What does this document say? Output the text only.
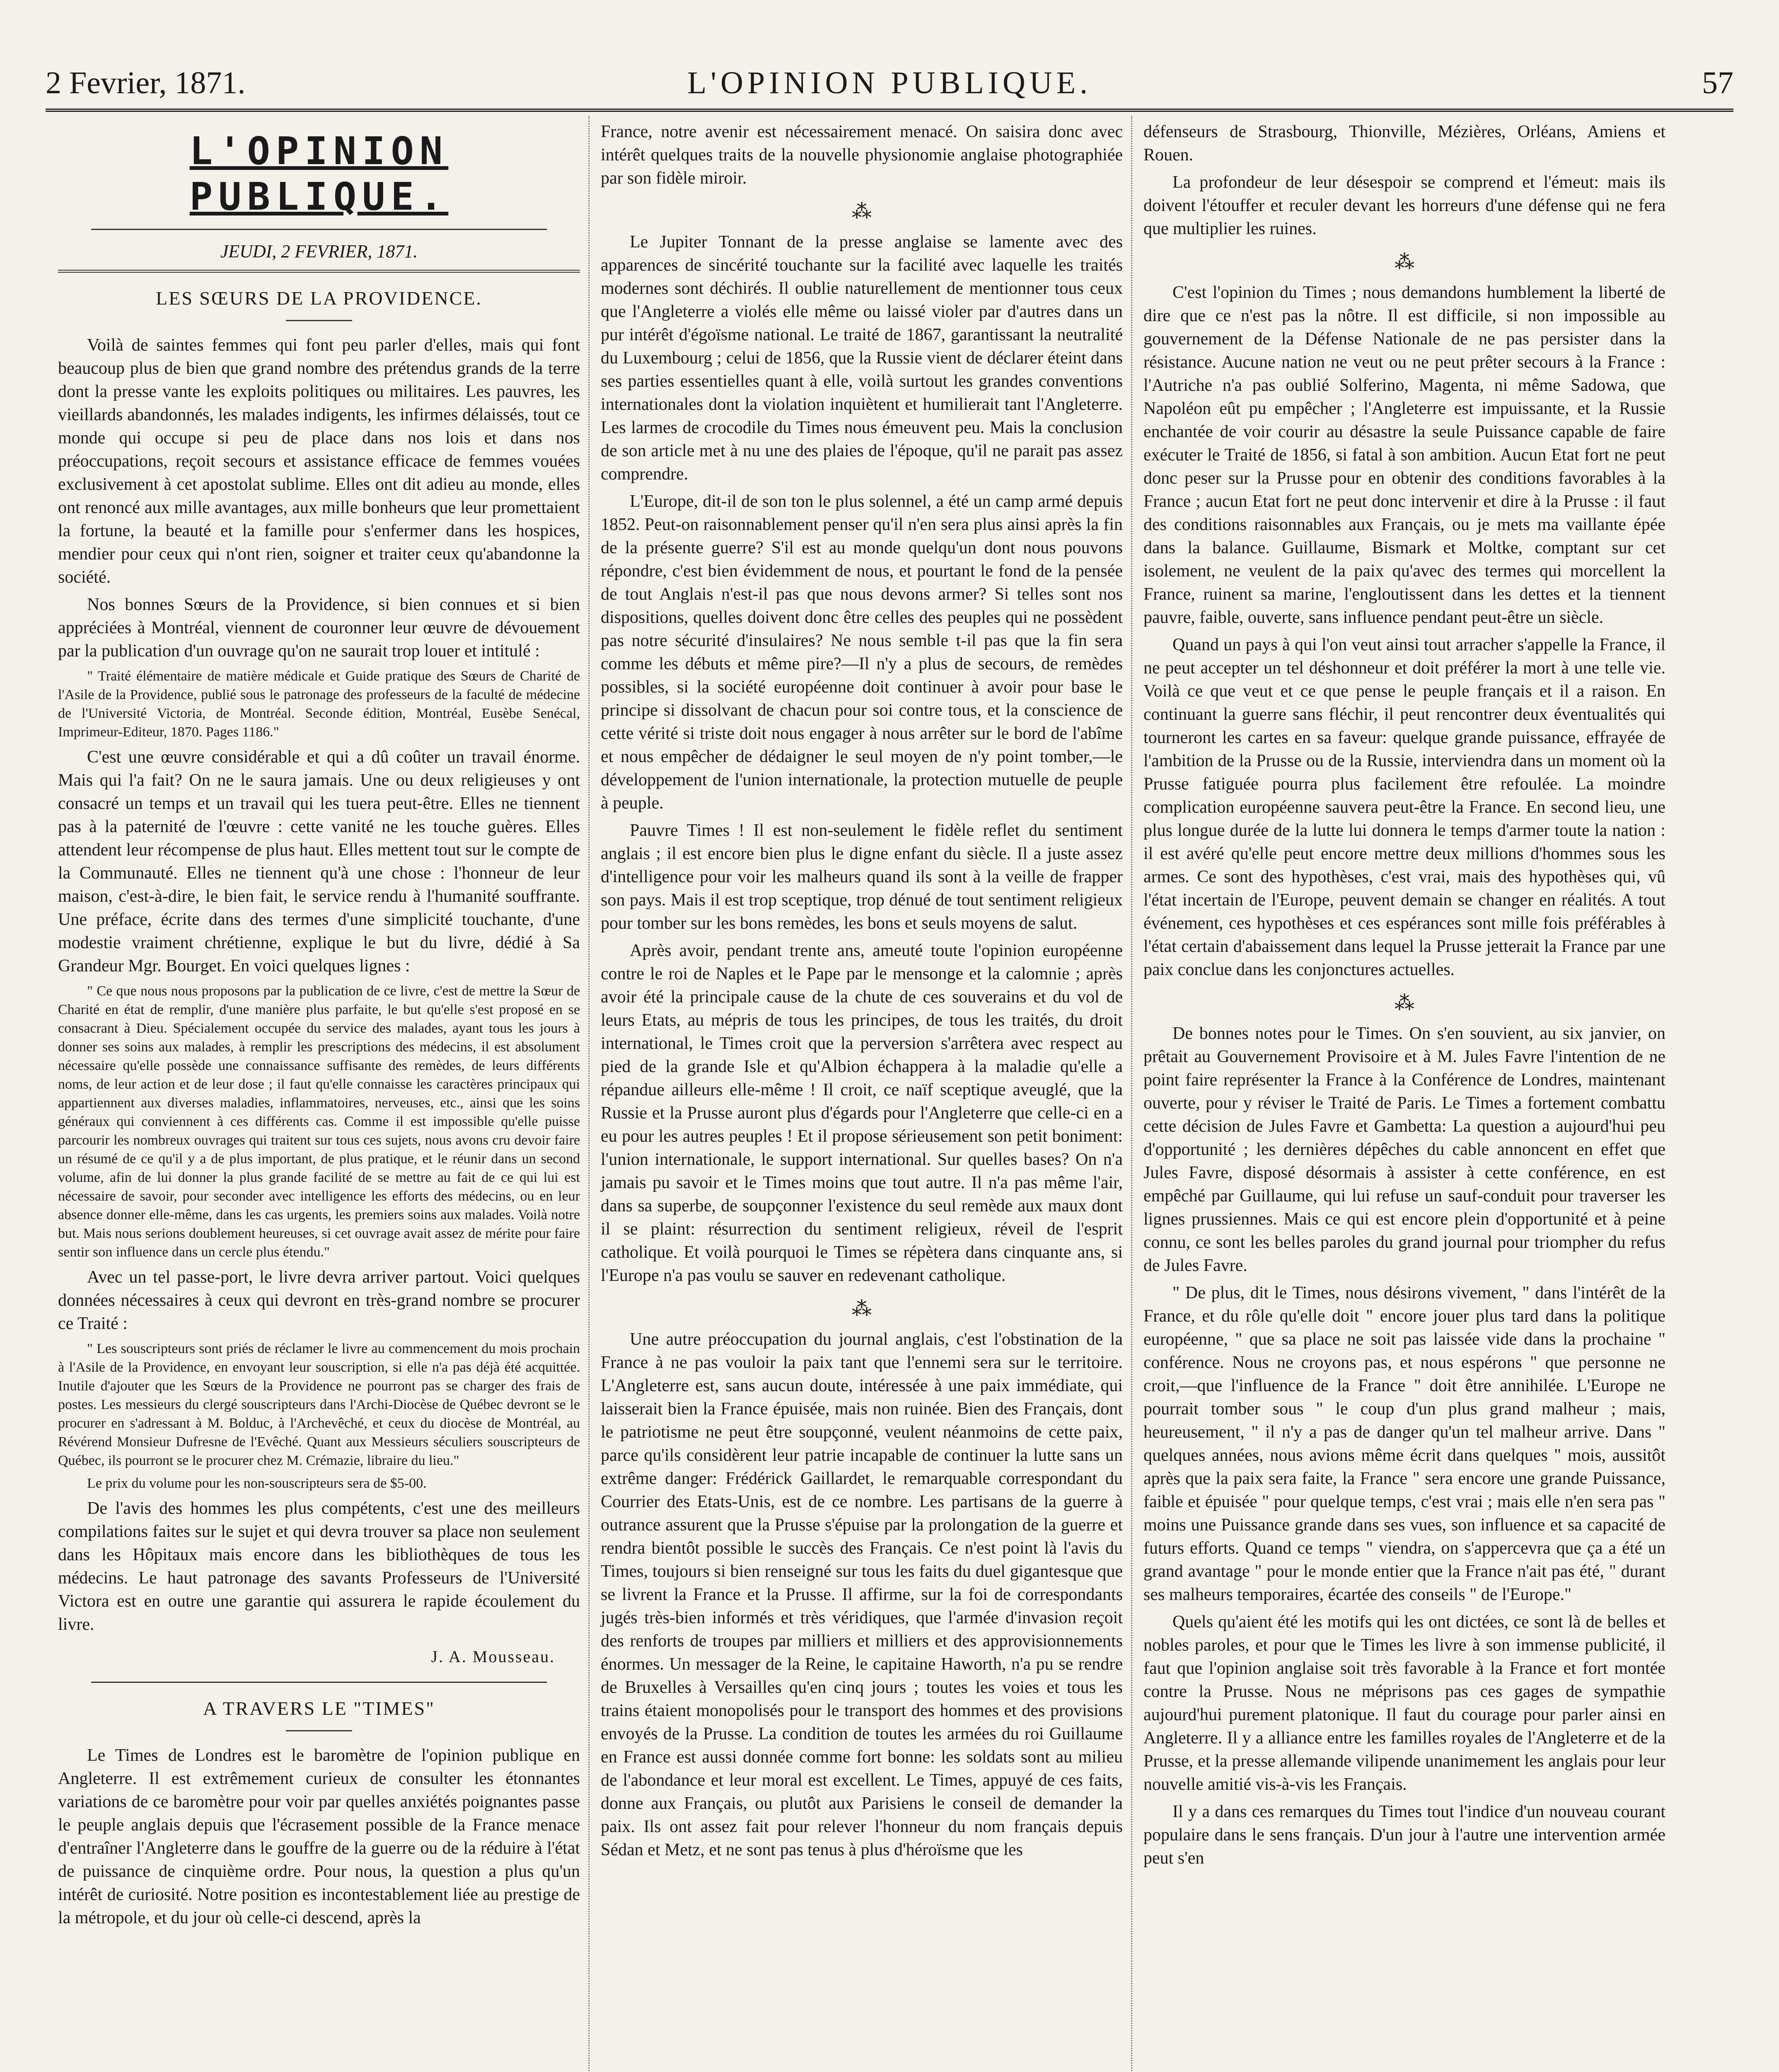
L'OPINION PUBLIQUE.
2 Fevrier, 1871.	57
L'OPINION PUBLIQUE.
JEUDI, 2 FEVRIER, 1871.
LES SŒURS DE LA PROVIDENCE.

Voilà de saintes femmes qui font peu parler d'elles, mais qui font beaucoup plus de bien que grand nombre des prétendus grands de la terre dont la presse vante les exploits politiques ou militaires. Les pauvres, les vieillards abandonnés, les malades indigents, les infirmes délaissés, tout ce monde qui occupe si peu de place dans nos lois et dans nos préoccupations, reçoit secours et assistance efficace de femmes vouées exclusivement à cet apostolat sublime. Elles ont dit adieu au monde, elles ont renoncé aux mille avantages, aux mille bonheurs que leur promettaient la fortune, la beauté et la famille pour s'enfermer dans les hospices, mendier pour ceux qui n'ont rien, soigner et traiter ceux qu'abandonne la société.

Nos bonnes Sœurs de la Providence, si bien connues et si bien appréciées à Montréal, viennent de couronner leur œuvre de dévouement par la publication d'un ouvrage qu'on ne saurait trop louer et intitulé :

" Traité élémentaire de matière médicale et Guide pratique des Sœurs de Charité de l'Asile de la Providence, publié sous le patronage des professeurs de la faculté de médecine de l'Université Victoria, de Montréal. Seconde édition, Montréal, Eusèbe Senécal, Imprimeur-Editeur, 1870. Pages 1186."

C'est une œuvre considérable et qui a dû coûter un travail énorme. Mais qui l'a fait? On ne le saura jamais. Une ou deux religieuses y ont consacré un temps et un travail qui les tuera peut-être. Elles ne tiennent pas à la paternité de l'œuvre : cette vanité ne les touche guères. Elles attendent leur récompense de plus haut. Elles mettent tout sur le compte de la Communauté. Elles ne tiennent qu'à une chose : l'honneur de leur maison, c'est-à-dire, le bien fait, le service rendu à l'humanité souffrante. Une préface, écrite dans des termes d'une simplicité touchante, d'une modestie vraiment chrétienne, explique le but du livre, dédié à Sa Grandeur Mgr. Bourget. En voici quelques lignes :

" Ce que nous nous proposons par la publication de ce livre, c'est de mettre la Sœur de Charité en état de remplir, d'une manière plus parfaite, le but qu'elle s'est proposé en se consacrant à Dieu. Spécialement occupée du service des malades, ayant tous les jours à donner ses soins aux malades, à remplir les prescriptions des médecins, il est absolument nécessaire qu'elle possède une connaissance suffisante des remèdes, de leurs différents noms, de leur action et de leur dose ; il faut qu'elle connaisse les caractères principaux qui appartiennent aux diverses maladies, inflammatoires, nerveuses, etc., ainsi que les soins généraux qui conviennent à ces différents cas. Comme il est impossible qu'elle puisse parcourir les nombreux ouvrages qui traitent sur tous ces sujets, nous avons cru devoir faire un résumé de ce qu'il y a de plus important, de plus pratique, et le réunir dans un second volume, afin de lui donner la plus grande facilité de se mettre au fait de ce qui lui est nécessaire de savoir, pour seconder avec intelligence les efforts des médecins, ou en leur absence donner elle-même, dans les cas urgents, les premiers soins aux malades. Voilà notre but. Mais nous serions doublement heureuses, si cet ouvrage avait assez de mérite pour faire sentir son influence dans un cercle plus étendu."

Avec un tel passe-port, le livre devra arriver partout. Voici quelques données nécessaires à ceux qui devront en très-grand nombre se procurer ce Traité :

" Les souscripteurs sont priés de réclamer le livre au commencement du mois prochain à l'Asile de la Providence, en envoyant leur souscription, si elle n'a pas déjà été acquittée. Inutile d'ajouter que les Sœurs de la Providence ne pourront pas se charger des frais de postes. Les messieurs du clergé souscripteurs dans l'Archi-Diocèse de Québec devront se le procurer en s'adressant à M. Bolduc, à l'Archevêché, et ceux du diocèse de Montréal, au Révérend Monsieur Dufresne de l'Evêché. Quant aux Messieurs séculiers souscripteurs de Québec, ils pourront se le procurer chez M. Crémazie, libraire du lieu."

Le prix du volume pour les non-souscripteurs sera de $5-00.

De l'avis des hommes les plus compétents, c'est une des meilleurs compilations faites sur le sujet et qui devra trouver sa place non seulement dans les Hôpitaux mais encore dans les bibliothèques de tous les médecins. Le haut patronage des savants Professeurs de l'Université Victora est en outre une garantie qui assurera le rapide écoulement du livre.

J. A. Mousseau.
A TRAVERS LE "TIMES"

Le Times de Londres est le baromètre de l'opinion publique en Angleterre. Il est extrêmement curieux de consulter les étonnantes variations de ce baromètre pour voir par quelles anxiétés poignantes passe le peuple anglais depuis que l'écrasement possible de la France menace d'entraîner l'Angleterre dans le gouffre de la guerre ou de la réduire à l'état de puissance de cinquième ordre. Pour nous, la question a plus qu'un intérêt de curiosité. Notre position es incontestablement liée au prestige de la métropole, et du jour où celle-ci descend, après la

France, notre avenir est nécessairement menacé. On saisira donc avec intérêt quelques traits de la nouvelle physionomie anglaise photographiée par son fidèle miroir.

⁂

Le Jupiter Tonnant de la presse anglaise se lamente avec des apparences de sincérité touchante sur la facilité avec laquelle les traités modernes sont déchirés. Il oublie naturellement de mentionner tous ceux que l'Angleterre a violés elle même ou laissé violer par d'autres dans un pur intérêt d'égoïsme national. Le traité de 1867, garantissant la neutralité du Luxembourg ; celui de 1856, que la Russie vient de déclarer éteint dans ses parties essentielles quant à elle, voilà surtout les grandes conventions internationales dont la violation inquiètent et humilierait tant l'Angleterre. Les larmes de crocodile du Times nous émeuvent peu. Mais la conclusion de son article met à nu une des plaies de l'époque, qu'il ne parait pas assez comprendre.

L'Europe, dit-il de son ton le plus solennel, a été un camp armé depuis 1852. Peut-on raisonnablement penser qu'il n'en sera plus ainsi après la fin de la présente guerre? S'il est au monde quelqu'un dont nous pouvons répondre, c'est bien évidemment de nous, et pourtant le fond de la pensée de tout Anglais n'est-il pas que nous devons armer? Si telles sont nos dispositions, quelles doivent donc être celles des peuples qui ne possèdent pas notre sécurité d'insulaires? Ne nous semble t-il pas que la fin sera comme les débuts et même pire?—Il n'y a plus de secours, de remèdes possibles, si la société européenne doit continuer à avoir pour base le principe si dissolvant de chacun pour soi contre tous, et la conscience de cette vérité si triste doit nous engager à nous arrêter sur le bord de l'abîme et nous empêcher de dédaigner le seul moyen de n'y point tomber,—le développement de l'union internationale, la protection mutuelle de peuple à peuple.

Pauvre Times ! Il est non-seulement le fidèle reflet du sentiment anglais ; il est encore bien plus le digne enfant du siècle. Il a juste assez d'intelligence pour voir les malheurs quand ils sont à la veille de frapper son pays. Mais il est trop sceptique, trop dénué de tout sentiment religieux pour tomber sur les bons remèdes, les bons et seuls moyens de salut.

Après avoir, pendant trente ans, ameuté toute l'opinion européenne contre le roi de Naples et le Pape par le mensonge et la calomnie ; après avoir été la principale cause de la chute de ces souverains et du vol de leurs Etats, au mépris de tous les principes, de tous les traités, du droit international, le Times croit que la perversion s'arrêtera avec respect au pied de la grande Isle et qu'Albion échappera à la maladie qu'elle a répandue ailleurs elle-même ! Il croit, ce naïf sceptique aveuglé, que la Russie et la Prusse auront plus d'égards pour l'Angleterre que celle-ci en a eu pour les autres peuples ! Et il propose sérieusement son petit boniment: l'union internationale, le support international. Sur quelles bases? On n'a jamais pu savoir et le Times moins que tout autre. Il n'a pas même l'air, dans sa superbe, de soupçonner l'existence du seul remède aux maux dont il se plaint: résurrection du sentiment religieux, réveil de l'esprit catholique. Et voilà pourquoi le Times se répètera dans cinquante ans, si l'Europe n'a pas voulu se sauver en redevenant catholique.

⁂

Une autre préoccupation du journal anglais, c'est l'obstination de la France à ne pas vouloir la paix tant que l'ennemi sera sur le territoire. L'Angleterre est, sans aucun doute, intéressée à une paix immédiate, qui laisserait bien la France épuisée, mais non ruinée. Bien des Français, dont le patriotisme ne peut être soupçonné, veulent néanmoins de cette paix, parce qu'ils considèrent leur patrie incapable de continuer la lutte sans un extrême danger: Frédérick Gaillardet, le remarquable correspondant du Courrier des Etats-Unis, est de ce nombre. Les partisans de la guerre à outrance assurent que la Prusse s'épuise par la prolongation de la guerre et rendra bientôt possible le succès des Français. Ce n'est point là l'avis du Times, toujours si bien renseigné sur tous les faits du duel gigantesque que se livrent la France et la Prusse. Il affirme, sur la foi de correspondants jugés très-bien informés et très véridiques, que l'armée d'invasion reçoit des renforts de troupes par milliers et milliers et des approvisionnements énormes. Un messager de la Reine, le capitaine Haworth, n'a pu se rendre de Bruxelles à Versailles qu'en cinq jours ; toutes les voies et tous les trains étaient monopolisés pour le transport des hommes et des provisions envoyés de la Prusse. La condition de toutes les armées du roi Guillaume en France est aussi donnée comme fort bonne: les soldats sont au milieu de l'abondance et leur moral est excellent. Le Times, appuyé de ces faits, donne aux Français, ou plutôt aux Parisiens le conseil de demander la paix. Ils ont assez fait pour relever l'honneur du nom français depuis Sédan et Metz, et ne sont pas tenus à plus d'héroïsme que les

défenseurs de Strasbourg, Thionville, Mézières, Orléans, Amiens et Rouen.

La profondeur de leur désespoir se comprend et l'émeut: mais ils doivent l'étouffer et reculer devant les horreurs d'une défense qui ne fera que multiplier les ruines.

⁂

C'est l'opinion du Times ; nous demandons humblement la liberté de dire que ce n'est pas la nôtre. Il est difficile, si non impossible au gouvernement de la Défense Nationale de ne pas persister dans la résistance. Aucune nation ne veut ou ne peut prêter secours à la France : l'Autriche n'a pas oublié Solferino, Magenta, ni même Sadowa, que Napoléon eût pu empêcher ; l'Angleterre est impuissante, et la Russie enchantée de voir courir au désastre la seule Puissance capable de faire exécuter le Traité de 1856, si fatal à son ambition. Aucun Etat fort ne peut donc peser sur la Prusse pour en obtenir des conditions favorables à la France ; aucun Etat fort ne peut donc intervenir et dire à la Prusse : il faut des conditions raisonnables aux Français, ou je mets ma vaillante épée dans la balance. Guillaume, Bismark et Moltke, comptant sur cet isolement, ne veulent de la paix qu'avec des termes qui morcellent la France, ruinent sa marine, l'engloutissent dans les dettes et la tiennent pauvre, faible, ouverte, sans influence pendant peut-être un siècle.

Quand un pays à qui l'on veut ainsi tout arracher s'appelle la France, il ne peut accepter un tel déshonneur et doit préférer la mort à une telle vie. Voilà ce que veut et ce que pense le peuple français et il a raison. En continuant la guerre sans fléchir, il peut rencontrer deux éventualités qui tourneront les cartes en sa faveur: quelque grande puissance, effrayée de l'ambition de la Prusse ou de la Russie, interviendra dans un moment où la Prusse fatiguée pourra plus facilement être refoulée. La moindre complication européenne sauvera peut-être la France. En second lieu, une plus longue durée de la lutte lui donnera le temps d'armer toute la nation : il est avéré qu'elle peut encore mettre deux millions d'hommes sous les armes. Ce sont des hypothèses, c'est vrai, mais des hypothèses qui, vû l'état incertain de l'Europe, peuvent demain se changer en réalités. A tout événement, ces hypothèses et ces espérances sont mille fois préférables à l'état certain d'abaissement dans lequel la Prusse jetterait la France par une paix conclue dans les conjonctures actuelles.

⁂

De bonnes notes pour le Times. On s'en souvient, au six janvier, on prêtait au Gouvernement Provisoire et à M. Jules Favre l'intention de ne point faire représenter la France à la Conférence de Londres, maintenant ouverte, pour y réviser le Traité de Paris. Le Times a fortement combattu cette décision de Jules Favre et Gambetta: La question a aujourd'hui peu d'opportunité ; les dernières dépêches du cable annoncent en effet que Jules Favre, disposé désormais à assister à cette conférence, en est empêché par Guillaume, qui lui refuse un sauf-conduit pour traverser les lignes prussiennes. Mais ce qui est encore plein d'opportunité et à peine connu, ce sont les belles paroles du grand journal pour triompher du refus de Jules Favre.

" De plus, dit le Times, nous désirons vivement, " dans l'intérêt de la France, et du rôle qu'elle doit " encore jouer plus tard dans la politique européenne, " que sa place ne soit pas laissée vide dans la prochaine " conférence. Nous ne croyons pas, et nous espérons " que personne ne croit,—que l'influence de la France " doit être annihilée. L'Europe ne pourrait tomber sous " le coup d'un plus grand malheur ; mais, heureusement, " il n'y a pas de danger qu'un tel malheur arrive. Dans " quelques années, nous avions même écrit dans quelques " mois, aussitôt après que la paix sera faite, la France " sera encore une grande Puissance, faible et épuisée " pour quelque temps, c'est vrai ; mais elle n'en sera pas " moins une Puissance grande dans ses vues, son influence et sa capacité de futurs efforts. Quand ce temps " viendra, on s'appercevra que ça a été un grand avantage " pour le monde entier que la France n'ait pas été, " durant ses malheurs temporaires, écartée des conseils " de l'Europe."

Quels qu'aient été les motifs qui les ont dictées, ce sont là de belles et nobles paroles, et pour que le Times les livre à son immense publicité, il faut que l'opinion anglaise soit très favorable à la France et fort montée contre la Prusse. Nous ne méprisons pas ces gages de sympathie aujourd'hui purement platonique. Il faut du courage pour parler ainsi en Angleterre. Il y a alliance entre les familles royales de l'Angleterre et de la Prusse, et la presse allemande vilipende unanimement les anglais pour leur nouvelle amitié vis-à-vis les Français.

Il y a dans ces remarques du Times tout l'indice d'un nouveau courant populaire dans le sens français. D'un jour à l'autre une intervention armée peut s'en
